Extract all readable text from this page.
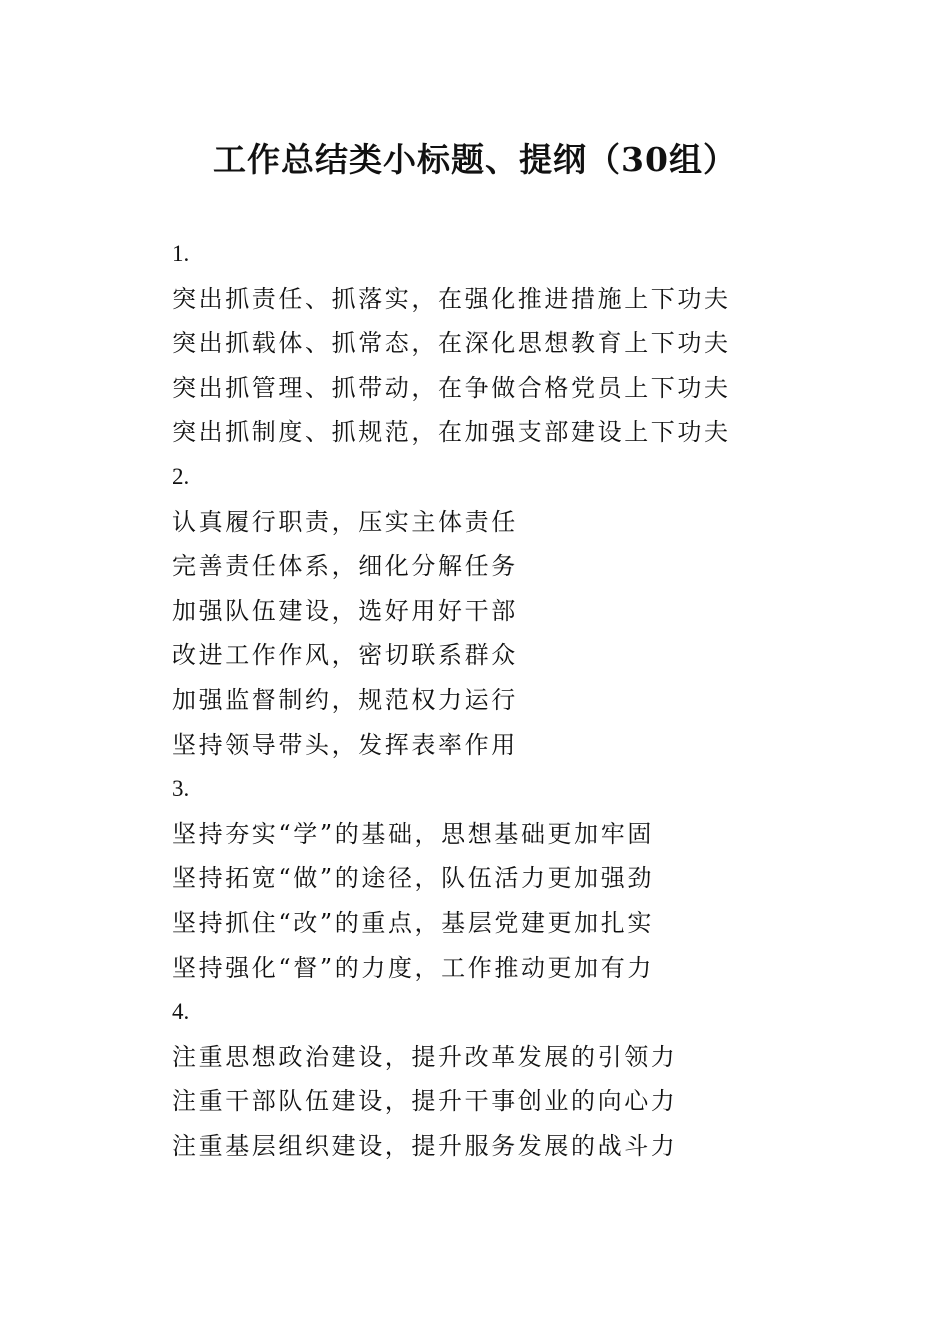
工作总结类小标题、提纲（30组）
1.
突出抓责任、抓落实，在强化推进措施上下功夫
突出抓载体、抓常态，在深化思想教育上下功夫
突出抓管理、抓带动，在争做合格党员上下功夫
突出抓制度、抓规范，在加强支部建设上下功夫
2.
认真履行职责，压实主体责任
完善责任体系，细化分解任务
加强队伍建设，选好用好干部
改进工作作风，密切联系群众
加强监督制约，规范权力运行
坚持领导带头，发挥表率作用
3.
坚持夯实“学”的基础，思想基础更加牢固
坚持拓宽“做”的途径，队伍活力更加强劲
坚持抓住“改”的重点，基层党建更加扎实
坚持强化“督”的力度，工作推动更加有力
4.
注重思想政治建设，提升改革发展的引领力
注重干部队伍建设，提升干事创业的向心力
注重基层组织建设，提升服务发展的战斗力
